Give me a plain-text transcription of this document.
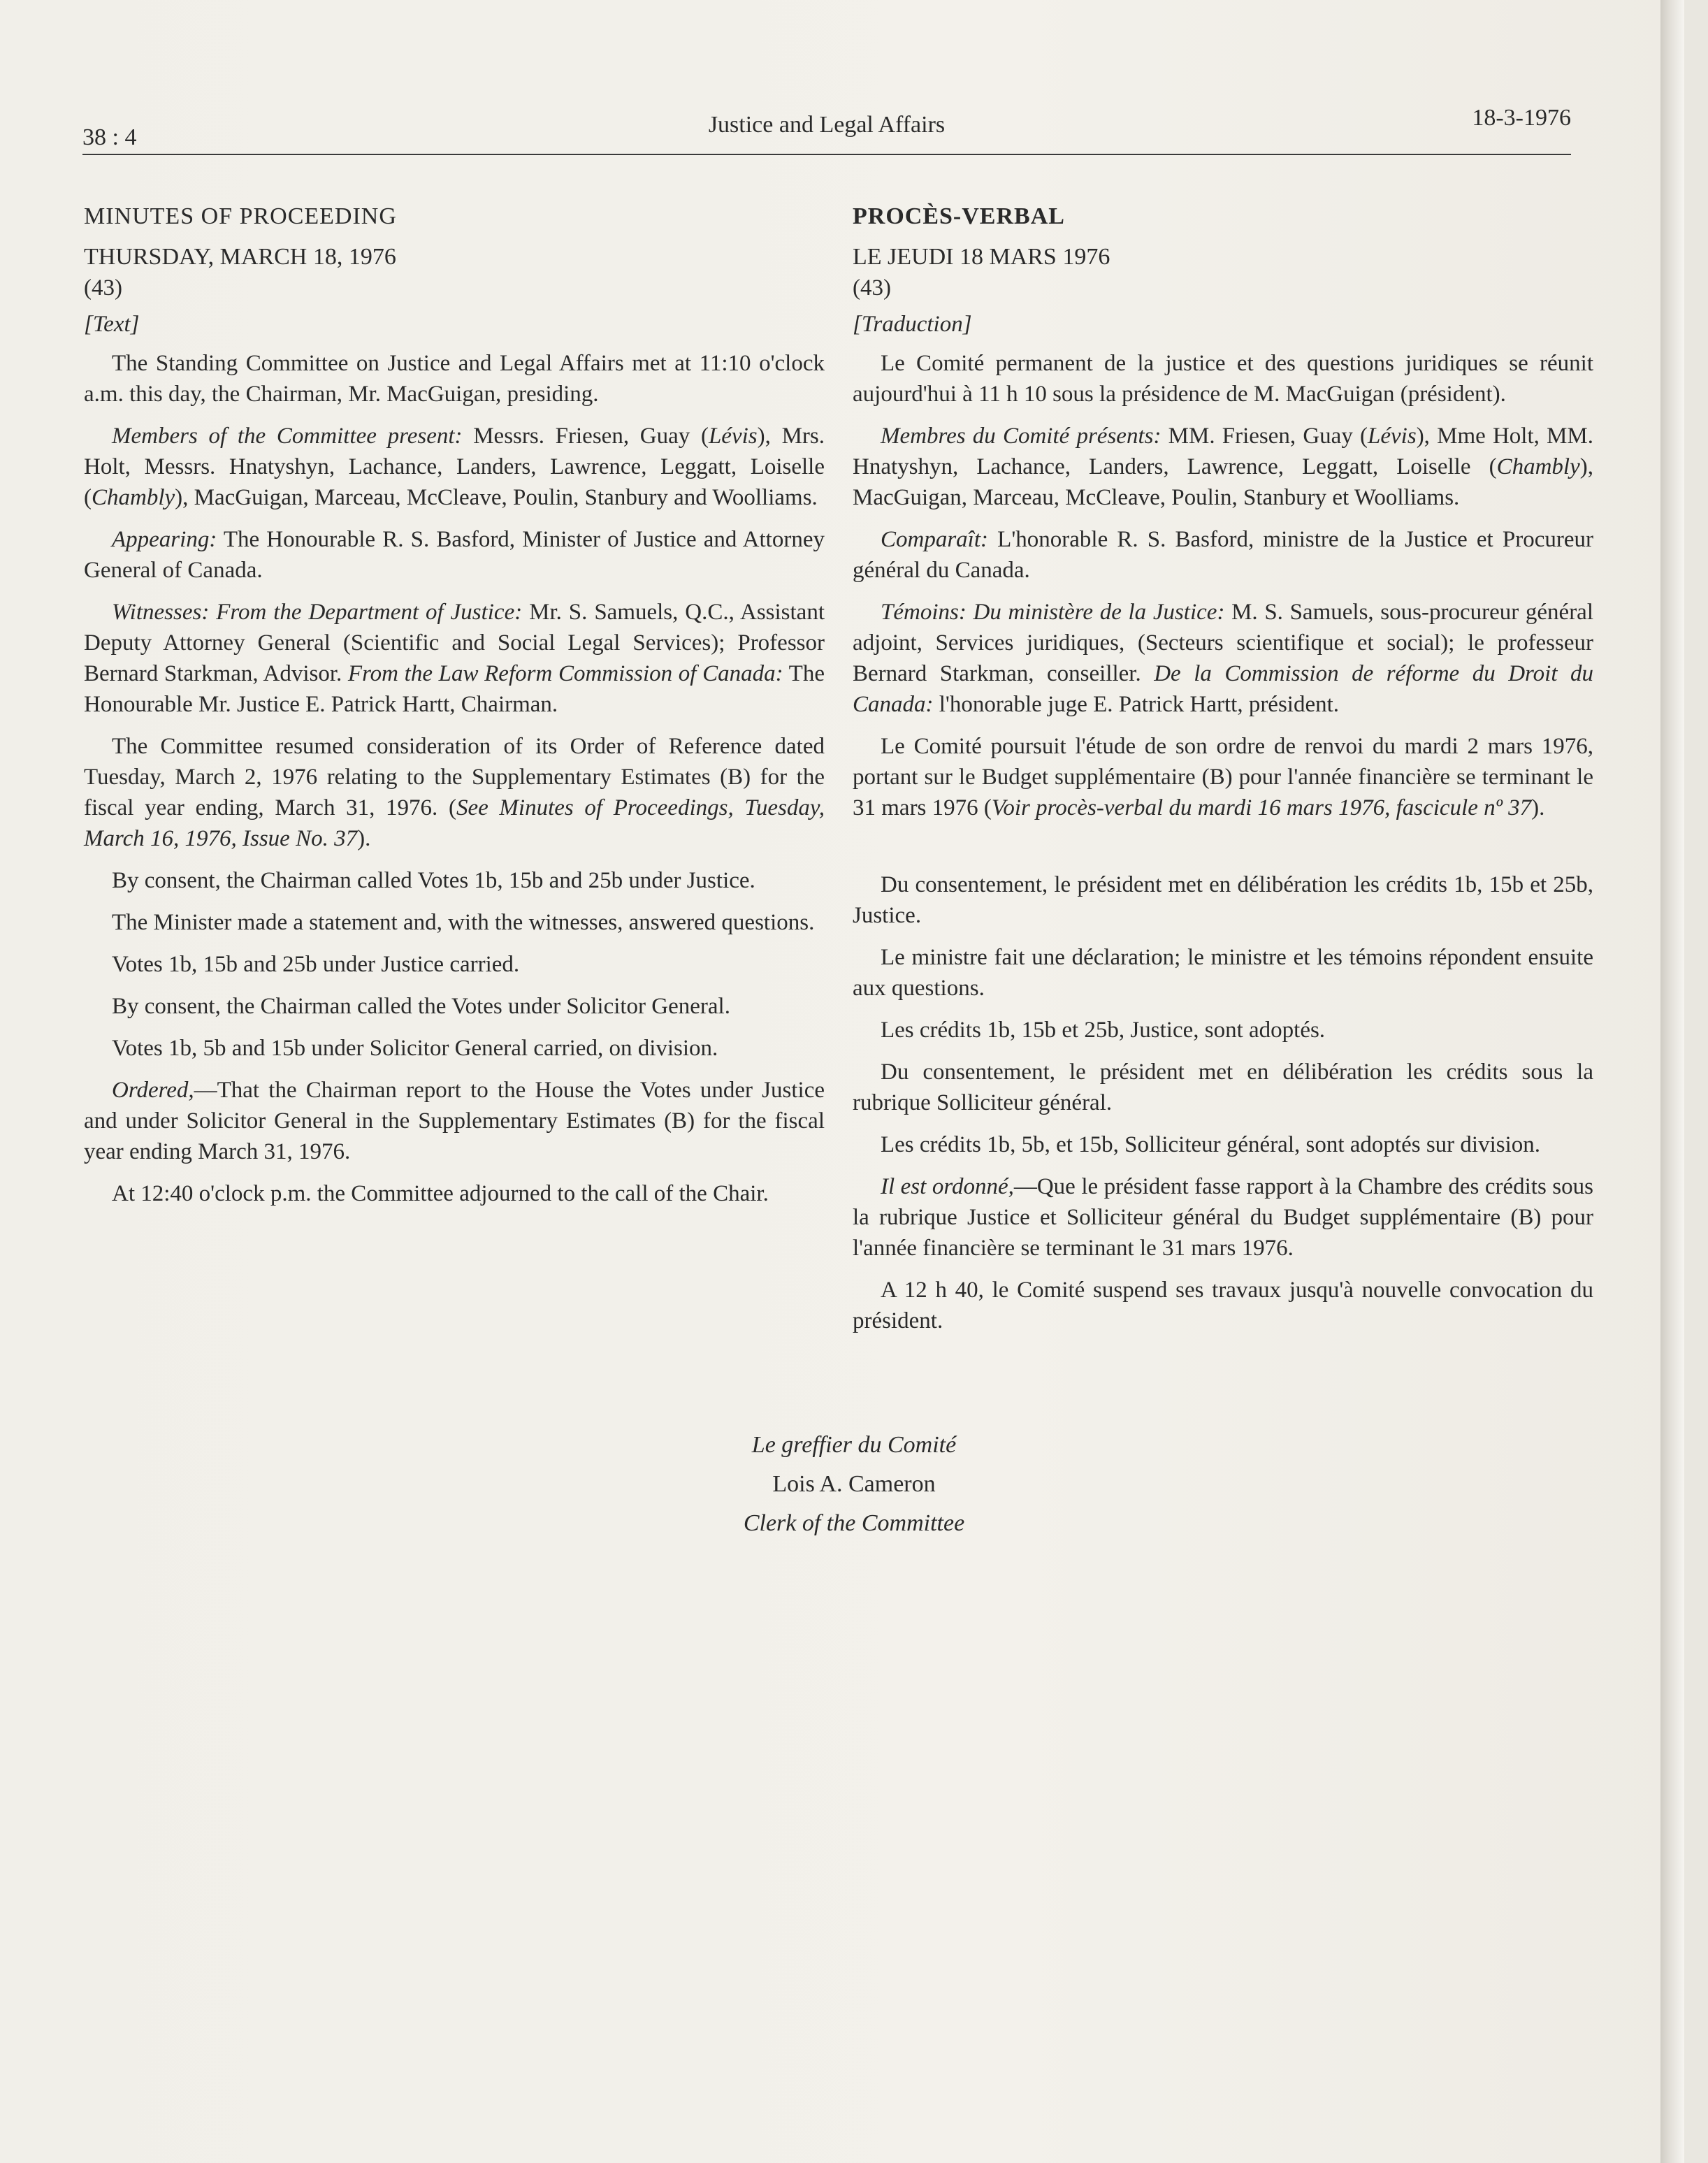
38 : 4	Justice and Legal Affairs	18-3-1976
MINUTES OF PROCEEDING
THURSDAY, MARCH 18, 1976
(43)
[Text]

The Standing Committee on Justice and Legal Affairs met at 11:10 o'clock a.m. this day, the Chairman, Mr. MacGuigan, presiding.

Members of the Committee present: Messrs. Friesen, Guay (Lévis), Mrs. Holt, Messrs. Hnatyshyn, Lachance, Landers, Lawrence, Leggatt, Loiselle (Chambly), MacGuigan, Marceau, McCleave, Poulin, Stanbury and Woolliams.

Appearing: The Honourable R. S. Basford, Minister of Justice and Attorney General of Canada.

Witnesses: From the Department of Justice: Mr. S. Samuels, Q.C., Assistant Deputy Attorney General (Scientific and Social Legal Services); Professor Bernard Starkman, Advisor. From the Law Reform Commission of Canada: The Honourable Mr. Justice E. Patrick Hartt, Chairman.

The Committee resumed consideration of its Order of Reference dated Tuesday, March 2, 1976 relating to the Supplementary Estimates (B) for the fiscal year ending, March 31, 1976. (See Minutes of Proceedings, Tuesday, March 16, 1976, Issue No. 37).

By consent, the Chairman called Votes 1b, 15b and 25b under Justice.

The Minister made a statement and, with the witnesses, answered questions.

Votes 1b, 15b and 25b under Justice carried.

By consent, the Chairman called the Votes under Solicitor General.

Votes 1b, 5b and 15b under Solicitor General carried, on division.

Ordered,—That the Chairman report to the House the Votes under Justice and under Solicitor General in the Supplementary Estimates (B) for the fiscal year ending March 31, 1976.

At 12:40 o'clock p.m. the Committee adjourned to the call of the Chair.

PROCÈS-VERBAL
LE JEUDI 18 MARS 1976
(43)
[Traduction]

Le Comité permanent de la justice et des questions juridiques se réunit aujourd'hui à 11 h 10 sous la présidence de M. MacGuigan (président).

Membres du Comité présents: MM. Friesen, Guay (Lévis), Mme Holt, MM. Hnatyshyn, Lachance, Landers, Lawrence, Leggatt, Loiselle (Chambly), MacGuigan, Marceau, McCleave, Poulin, Stanbury et Woolliams.

Comparaît: L'honorable R. S. Basford, ministre de la Justice et Procureur général du Canada.

Témoins: Du ministère de la Justice: M. S. Samuels, sous-procureur général adjoint, Services juridiques, (Secteurs scientifique et social); le professeur Bernard Starkman, conseiller. De la Commission de réforme du Droit du Canada: l'honorable juge E. Patrick Hartt, président.

Le Comité poursuit l'étude de son ordre de renvoi du mardi 2 mars 1976, portant sur le Budget supplémentaire (B) pour l'année financière se terminant le 31 mars 1976 (Voir procès-verbal du mardi 16 mars 1976, fascicule nº 37).

Du consentement, le président met en délibération les crédits 1b, 15b et 25b, Justice.

Le ministre fait une déclaration; le ministre et les témoins répondent ensuite aux questions.

Les crédits 1b, 15b et 25b, Justice, sont adoptés.

Du consentement, le président met en délibération les crédits sous la rubrique Solliciteur général.

Les crédits 1b, 5b, et 15b, Solliciteur général, sont adoptés sur division.

Il est ordonné,—Que le président fasse rapport à la Chambre des crédits sous la rubrique Justice et Solliciteur général du Budget supplémentaire (B) pour l'année financière se terminant le 31 mars 1976.

A 12 h 40, le Comité suspend ses travaux jusqu'à nouvelle convocation du président.

Le greffier du Comité
Lois A. Cameron
Clerk of the Committee
